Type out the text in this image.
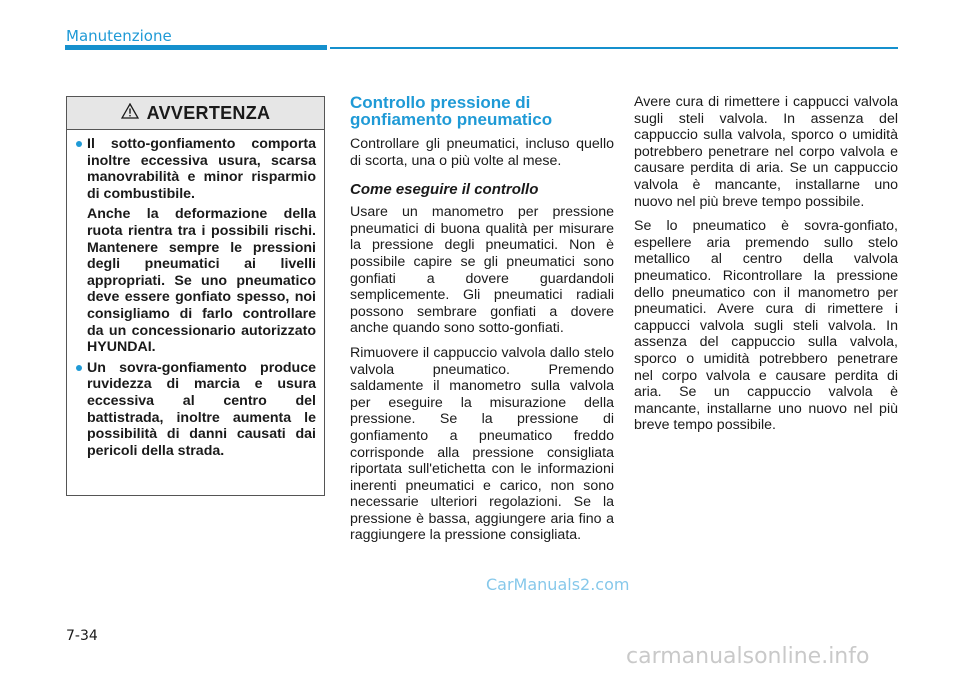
Manutenzione
AVVERTENZA

Il sotto-gonfiamento comporta inoltre eccessiva usura, scarsa manovrabilità e minor risparmio di combustibile.

Anche la deformazione della ruota rientra tra i possibili rischi. Mantenere sempre le pressioni degli pneumatici ai livelli appropriati. Se uno pneumatico deve essere gonfiato spesso, noi consigliamo di farlo controllare da un concessionario autorizzato HYUNDAI.

Un sovra-gonfiamento produce ruvidezza di marcia e usura eccessiva al centro del battistrada, inoltre aumenta le possibilità di danni causati dai pericoli della strada.

Controllo pressione di gonfiamento pneumatico

Controllare gli pneumatici, incluso quello di scorta, una o più volte al mese.

Come eseguire il controllo

Usare un manometro per pressione pneumatici di buona qualità per misurare la pressione degli pneumatici. Non è possibile capire se gli pneumatici sono gonfiati a dovere guardandoli semplicemente. Gli pneumatici radiali possono sembrare gonfiati a dovere anche quando sono sotto-gonfiati.

Rimuovere il cappuccio valvola dallo stelo valvola pneumatico. Premendo saldamente il manometro sulla valvola per eseguire la misurazione della pressione. Se la pressione di gonfiamento a pneumatico freddo corrisponde alla pressione consigliata riportata sull'etichetta con le informazioni inerenti pneumatici e carico, non sono necessarie ulteriori regolazioni. Se la pressione è bassa, aggiungere aria fino a raggiungere la pressione consigliata.

Avere cura di rimettere i cappucci valvola sugli steli valvola. In assenza del cappuccio sulla valvola, sporco o umidità potrebbero penetrare nel corpo valvola e causare perdita di aria. Se un cappuccio valvola è mancante, installarne uno nuovo nel più breve tempo possibile.

Se lo pneumatico è sovra-gonfiato, espellere aria premendo sullo stelo metallico al centro della valvola pneumatico. Ricontrollare la pressione dello pneumatico con il manometro per pneumatici. Avere cura di rimettere i cappucci valvola sugli steli valvola. In assenza del cappuccio sulla valvola, sporco o umidità potrebbero penetrare nel corpo valvola e causare perdita di aria. Se un cappuccio valvola è mancante, installarne uno nuovo nel più breve tempo possibile.

7-34
CarManuals2.com
carmanualsonline.info
